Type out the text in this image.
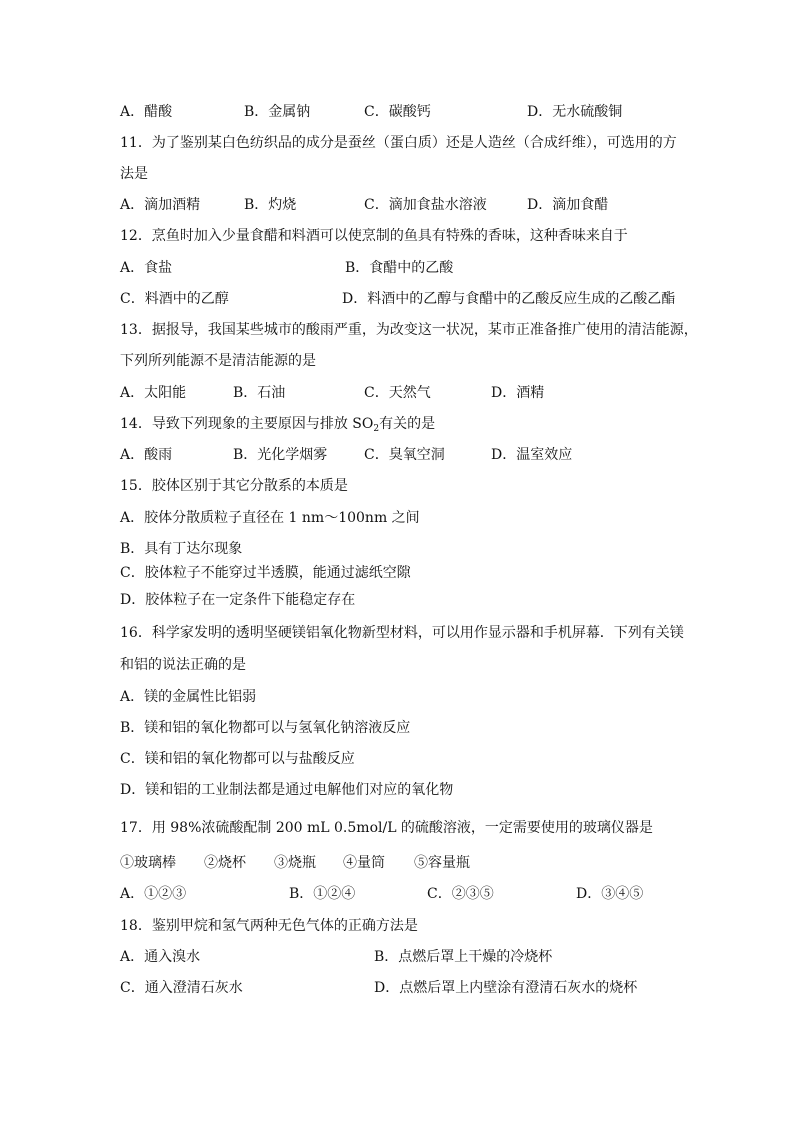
A．醋酸	B．金属钠	C．碳酸钙	D．无水硫酸铜
11．为了鉴别某白色纺织品的成分是蚕丝（蛋白质）还是人造丝（合成纤维），可选用的方
法是
A．滴加酒精	B．灼烧	C．滴加食盐水溶液	D．滴加食醋
12．烹鱼时加入少量食醋和料酒可以使烹制的鱼具有特殊的香味，这种香味来自于
A．食盐	B．食醋中的乙酸
C．料酒中的乙醇	D．料酒中的乙醇与食醋中的乙酸反应生成的乙酸乙酯
13．据报导，我国某些城市的酸雨严重，为改变这一状况，某市正准备推广使用的清洁能源，
下列所列能源不是清洁能源的是
A．太阳能	B．石油	C．天然气	D．酒精
14．导致下列现象的主要原因与排放 $SO_2$有关的是
A．酸雨	B．光化学烟雾	C．臭氧空洞	D．温室效应
15．胶体区别于其它分散系的本质是
A．胶体分散质粒子直径在 1 nm～100nm 之间
B．具有丁达尔现象
C．胶体粒子不能穿过半透膜，能通过滤纸空隙
D．胶体粒子在一定条件下能稳定存在
16．科学家发明的透明坚硬镁铝氧化物新型材料，可以用作显示器和手机屏幕．下列有关镁
和铝的说法正确的是
A．镁的金属性比铝弱
B．镁和铝的氧化物都可以与氢氧化钠溶液反应
C．镁和铝的氧化物都可以与盐酸反应
D．镁和铝的工业制法都是通过电解他们对应的氧化物
17．用 98%浓硫酸配制 200 mL 0.5mol/L 的硫酸溶液，一定需要使用的玻璃仪器是
①玻璃棒 ②烧杯 ③烧瓶 ④量筒 ⑤容量瓶
A．①②③	B．①②④	C．②③⑤	D．③④⑤
18．鉴别甲烷和氢气两种无色气体的正确方法是
A．通入溴水	B．点燃后罩上干燥的冷烧杯
C．通入澄清石灰水	D．点燃后罩上内壁涂有澄清石灰水的烧杯
